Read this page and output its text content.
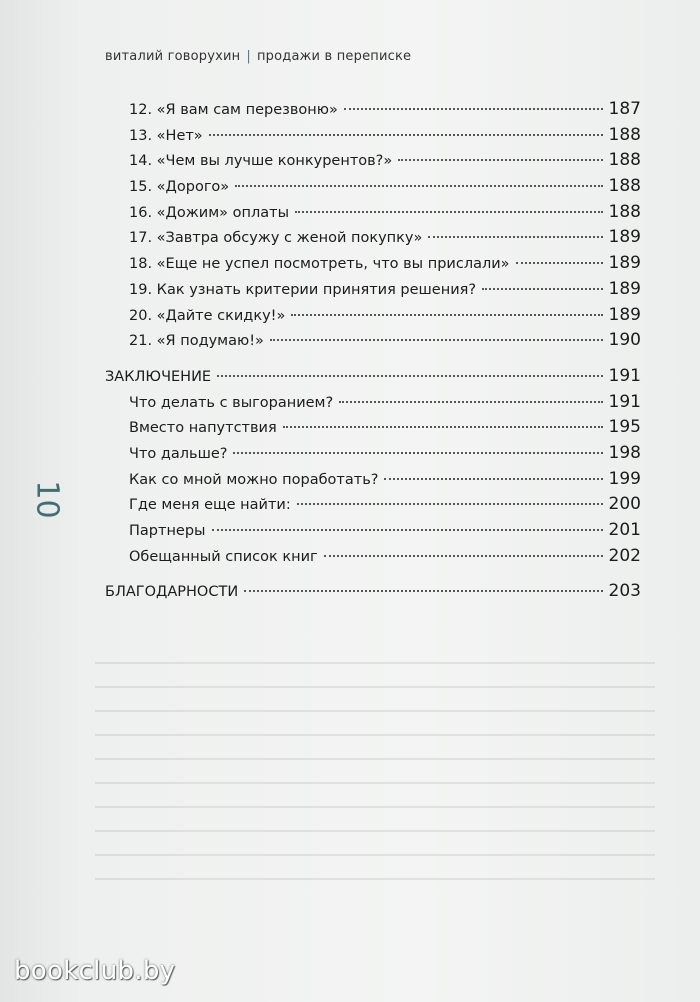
виталий говорухин | продажи в переписке
10
12. «Я вам сам перезвоню»	187
13. «Нет»	188
14. «Чем вы лучше конкурентов?»	188
15. «Дорого»	188
16. «Дожим» оплаты	188
17. «Завтра обсужу с женой покупку»	189
18. «Еще не успел посмотреть, что вы прислали»	189
19. Как узнать критерии принятия решения?	189
20. «Дайте скидку!»	189
21. «Я подумаю!»	190
ЗАКЛЮЧЕНИЕ	191
Что делать с выгоранием?	191
Вместо напутствия	195
Что дальше?	198
Как со мной можно поработать?	199
Где меня еще найти:	200
Партнеры	201
Обещанный список книг	202
БЛАГОДАРНОСТИ	203
bookclub.by
